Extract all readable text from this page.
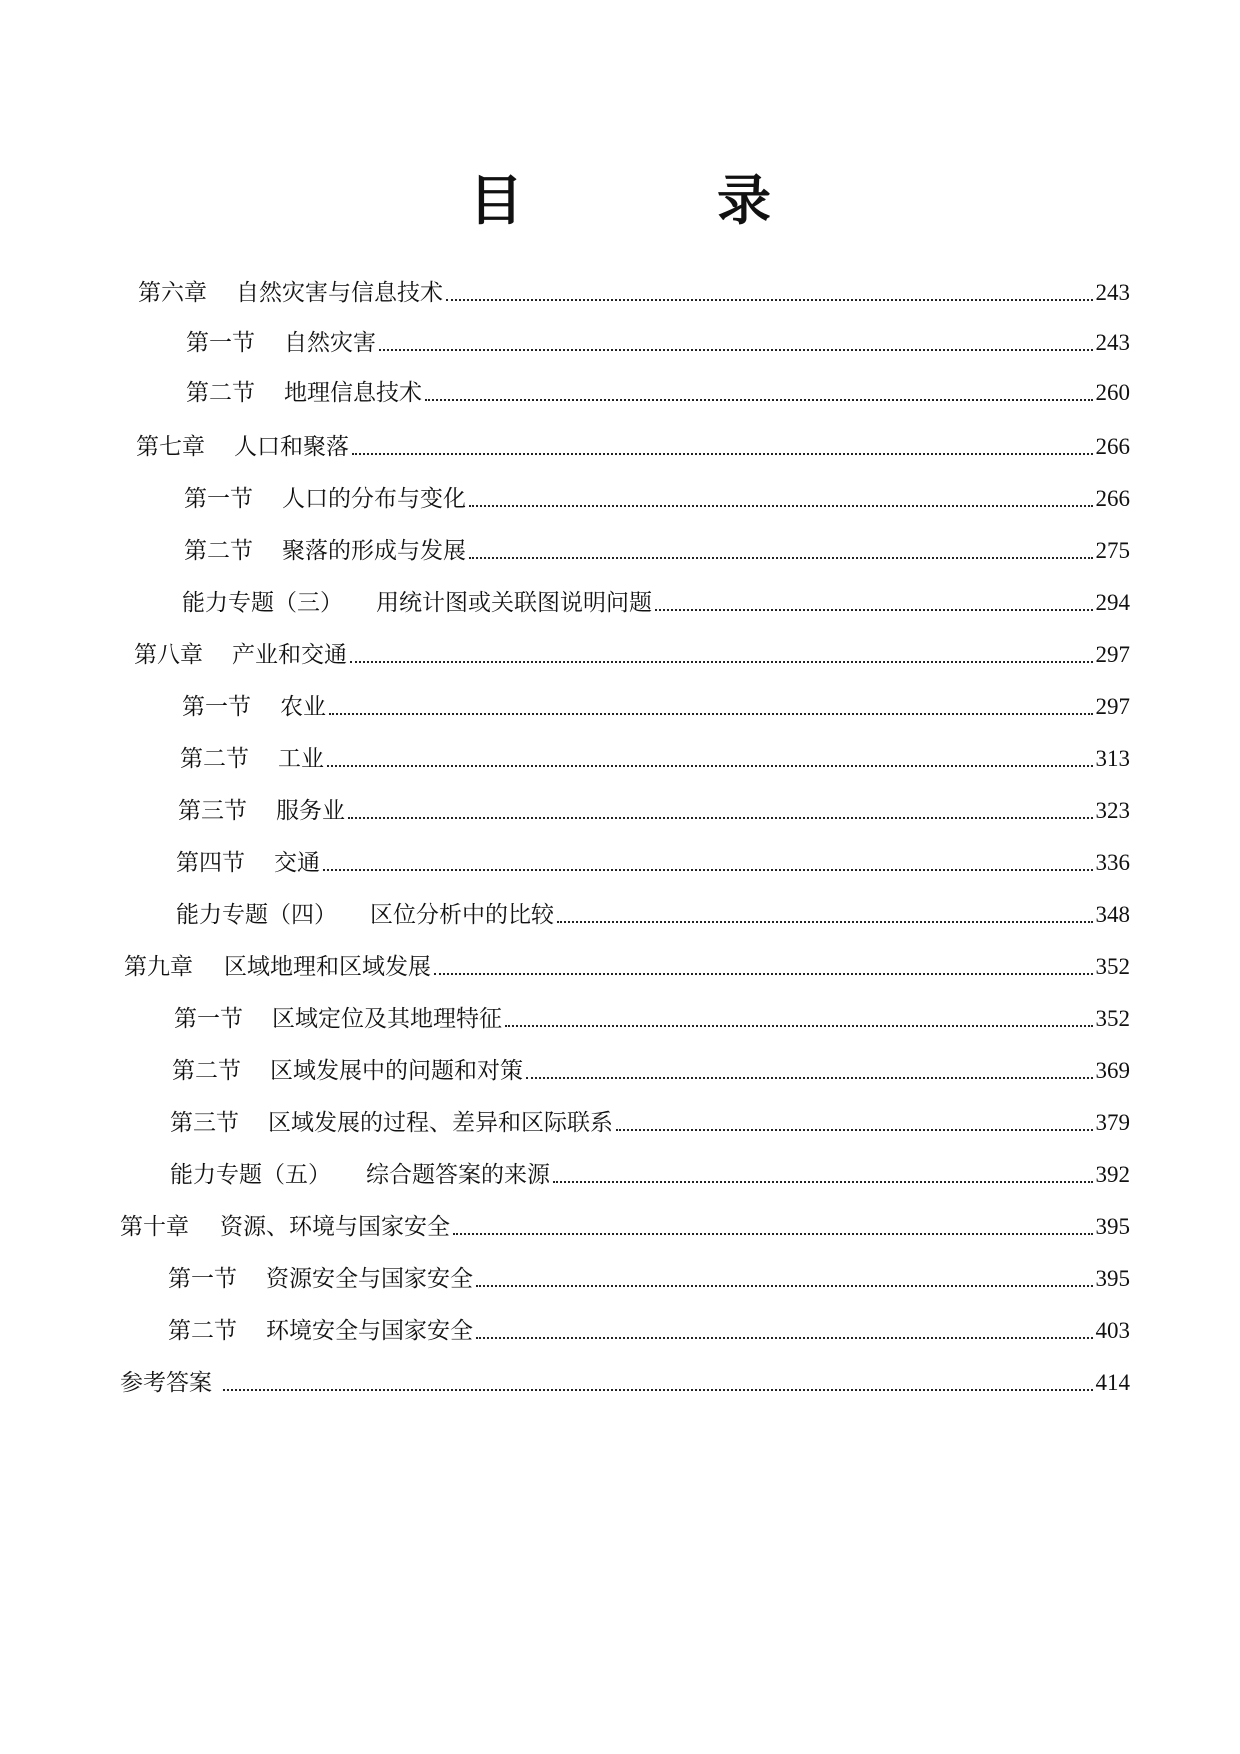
目　录
第六章	自然灾害与信息技术	243
第一节	自然灾害	243
第二节	地理信息技术	260
第七章	人口和聚落	266
第一节	人口的分布与变化	266
第二节	聚落的形成与发展	275
能力专题（三）	用统计图或关联图说明问题	294
第八章	产业和交通	297
第一节	农业	297
第二节	工业	313
第三节	服务业	323
第四节	交通	336
能力专题（四）	区位分析中的比较	348
第九章	区域地理和区域发展	352
第一节	区域定位及其地理特征	352
第二节	区域发展中的问题和对策	369
第三节	区域发展的过程、差异和区际联系	379
能力专题（五）	综合题答案的来源	392
第十章	资源、环境与国家安全	395
第一节	资源安全与国家安全	395
第二节	环境安全与国家安全	403
参考答案	414
